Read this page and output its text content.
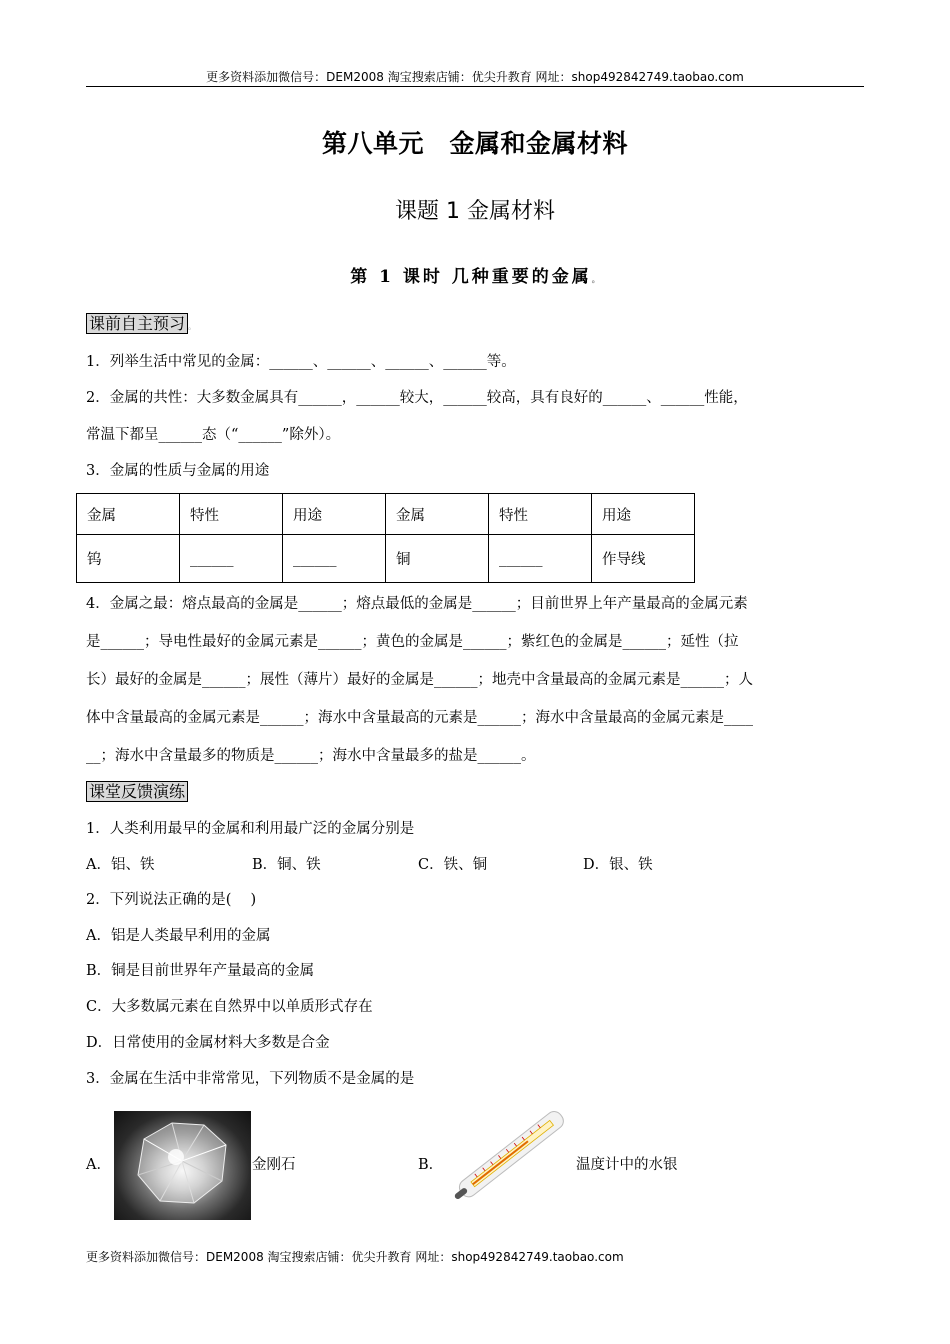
更多资料添加微信号：DEM2008 淘宝搜索店铺：优尖升教育 网址：shop492842749.taobao.com
第八单元　金属和金属材料
课题 1 金属材料
第 1 课时 几种重要的金属。
课前自主预习 。
1．列举生活中常见的金属：______、______、______、______等。
2．金属的共性：大多数金属具有______，______较大，______较高，具有良好的______、______性能，
常温下都呈______态（“______”除外）。
3．金属的性质与金属的用途
金属	特性	用途	金属	特性	用途
钨	______	______	铜	______	作导线
4．金属之最：熔点最高的金属是______；熔点最低的金属是______；目前世界上年产量最高的金属元素
是______；导电性最好的金属元素是______；黄色的金属是______；紫红色的金属是______；延性（拉
长）最好的金属是______；展性（薄片）最好的金属是______；地壳中含量最高的金属元素是______；人
体中含量最高的金属元素是______；海水中含量最高的元素是______；海水中含量最高的金属元素是____
__；海水中含量最多的物质是______；海水中含量最多的盐是______。
课堂反馈演练
1．人类利用最早的金属和利用最广泛的金属分别是
A．铝、铁	B．铜、铁	C．铁、铜	D．银、铁
2．下列说法正确的是(　 )
A．铝是人类最早利用的金属
B．铜是目前世界年产量最高的金属
C．大多数属元素在自然界中以单质形式存在
D．日常使用的金属材料大多数是合金
3．金属在生活中非常常见，下列物质不是金属的是
A．	金刚石	B．	温度计中的水银
更多资料添加微信号：DEM2008 淘宝搜索店铺：优尖升教育 网址：shop492842749.taobao.com
